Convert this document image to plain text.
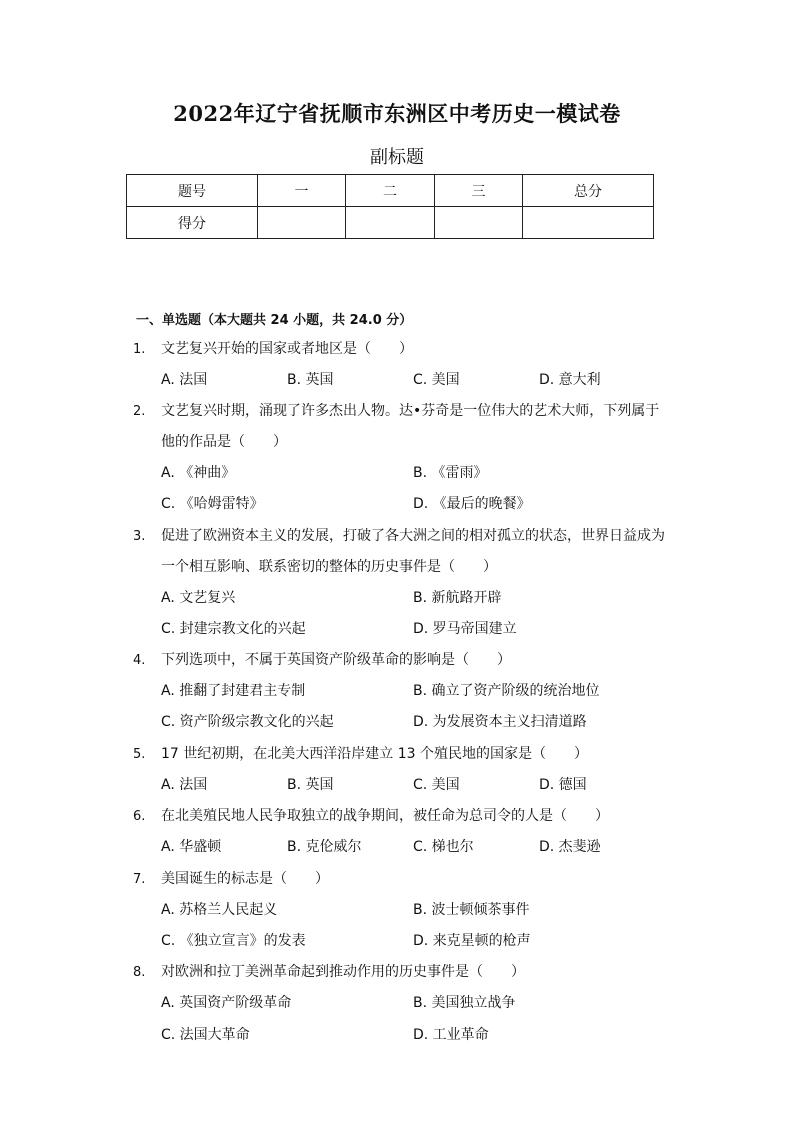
2022年辽宁省抚顺市东洲区中考历史一模试卷
副标题
题号	一	二	三	总分
得分				
一、单选题（本大题共 24 小题，共 24.0 分）
1.	文艺复兴开始的国家或者地区是（　　）
A. 法国	B. 英国	C. 美国	D. 意大利
2.	文艺复兴时期，涌现了许多杰出人物。达•芬奇是一位伟大的艺术大师，下列属于
他的作品是（　　）
A. 《神曲》	B. 《雷雨》
C. 《哈姆雷特》	D. 《最后的晚餐》
3.	促进了欧洲资本主义的发展，打破了各大洲之间的相对孤立的状态，世界日益成为
一个相互影响、联系密切的整体的历史事件是（　　）
A. 文艺复兴	B. 新航路开辟
C. 封建宗教文化的兴起	D. 罗马帝国建立
4.	下列选项中，不属于英国资产阶级革命的影响是（　　）
A. 推翻了封建君主专制	B. 确立了资产阶级的统治地位
C. 资产阶级宗教文化的兴起	D. 为发展资本主义扫清道路
5.	17 世纪初期，在北美大西洋沿岸建立 13 个殖民地的国家是（　　）
A. 法国	B. 英国	C. 美国	D. 德国
6.	在北美殖民地人民争取独立的战争期间，被任命为总司令的人是（　　）
A. 华盛顿	B. 克伦威尔	C. 梯也尔	D. 杰斐逊
7.	美国诞生的标志是（　　）
A. 苏格兰人民起义	B. 波士顿倾茶事件
C. 《独立宣言》的发表	D. 来克星顿的枪声
8.	对欧洲和拉丁美洲革命起到推动作用的历史事件是（　　）
A. 英国资产阶级革命	B. 美国独立战争
C. 法国大革命	D. 工业革命
